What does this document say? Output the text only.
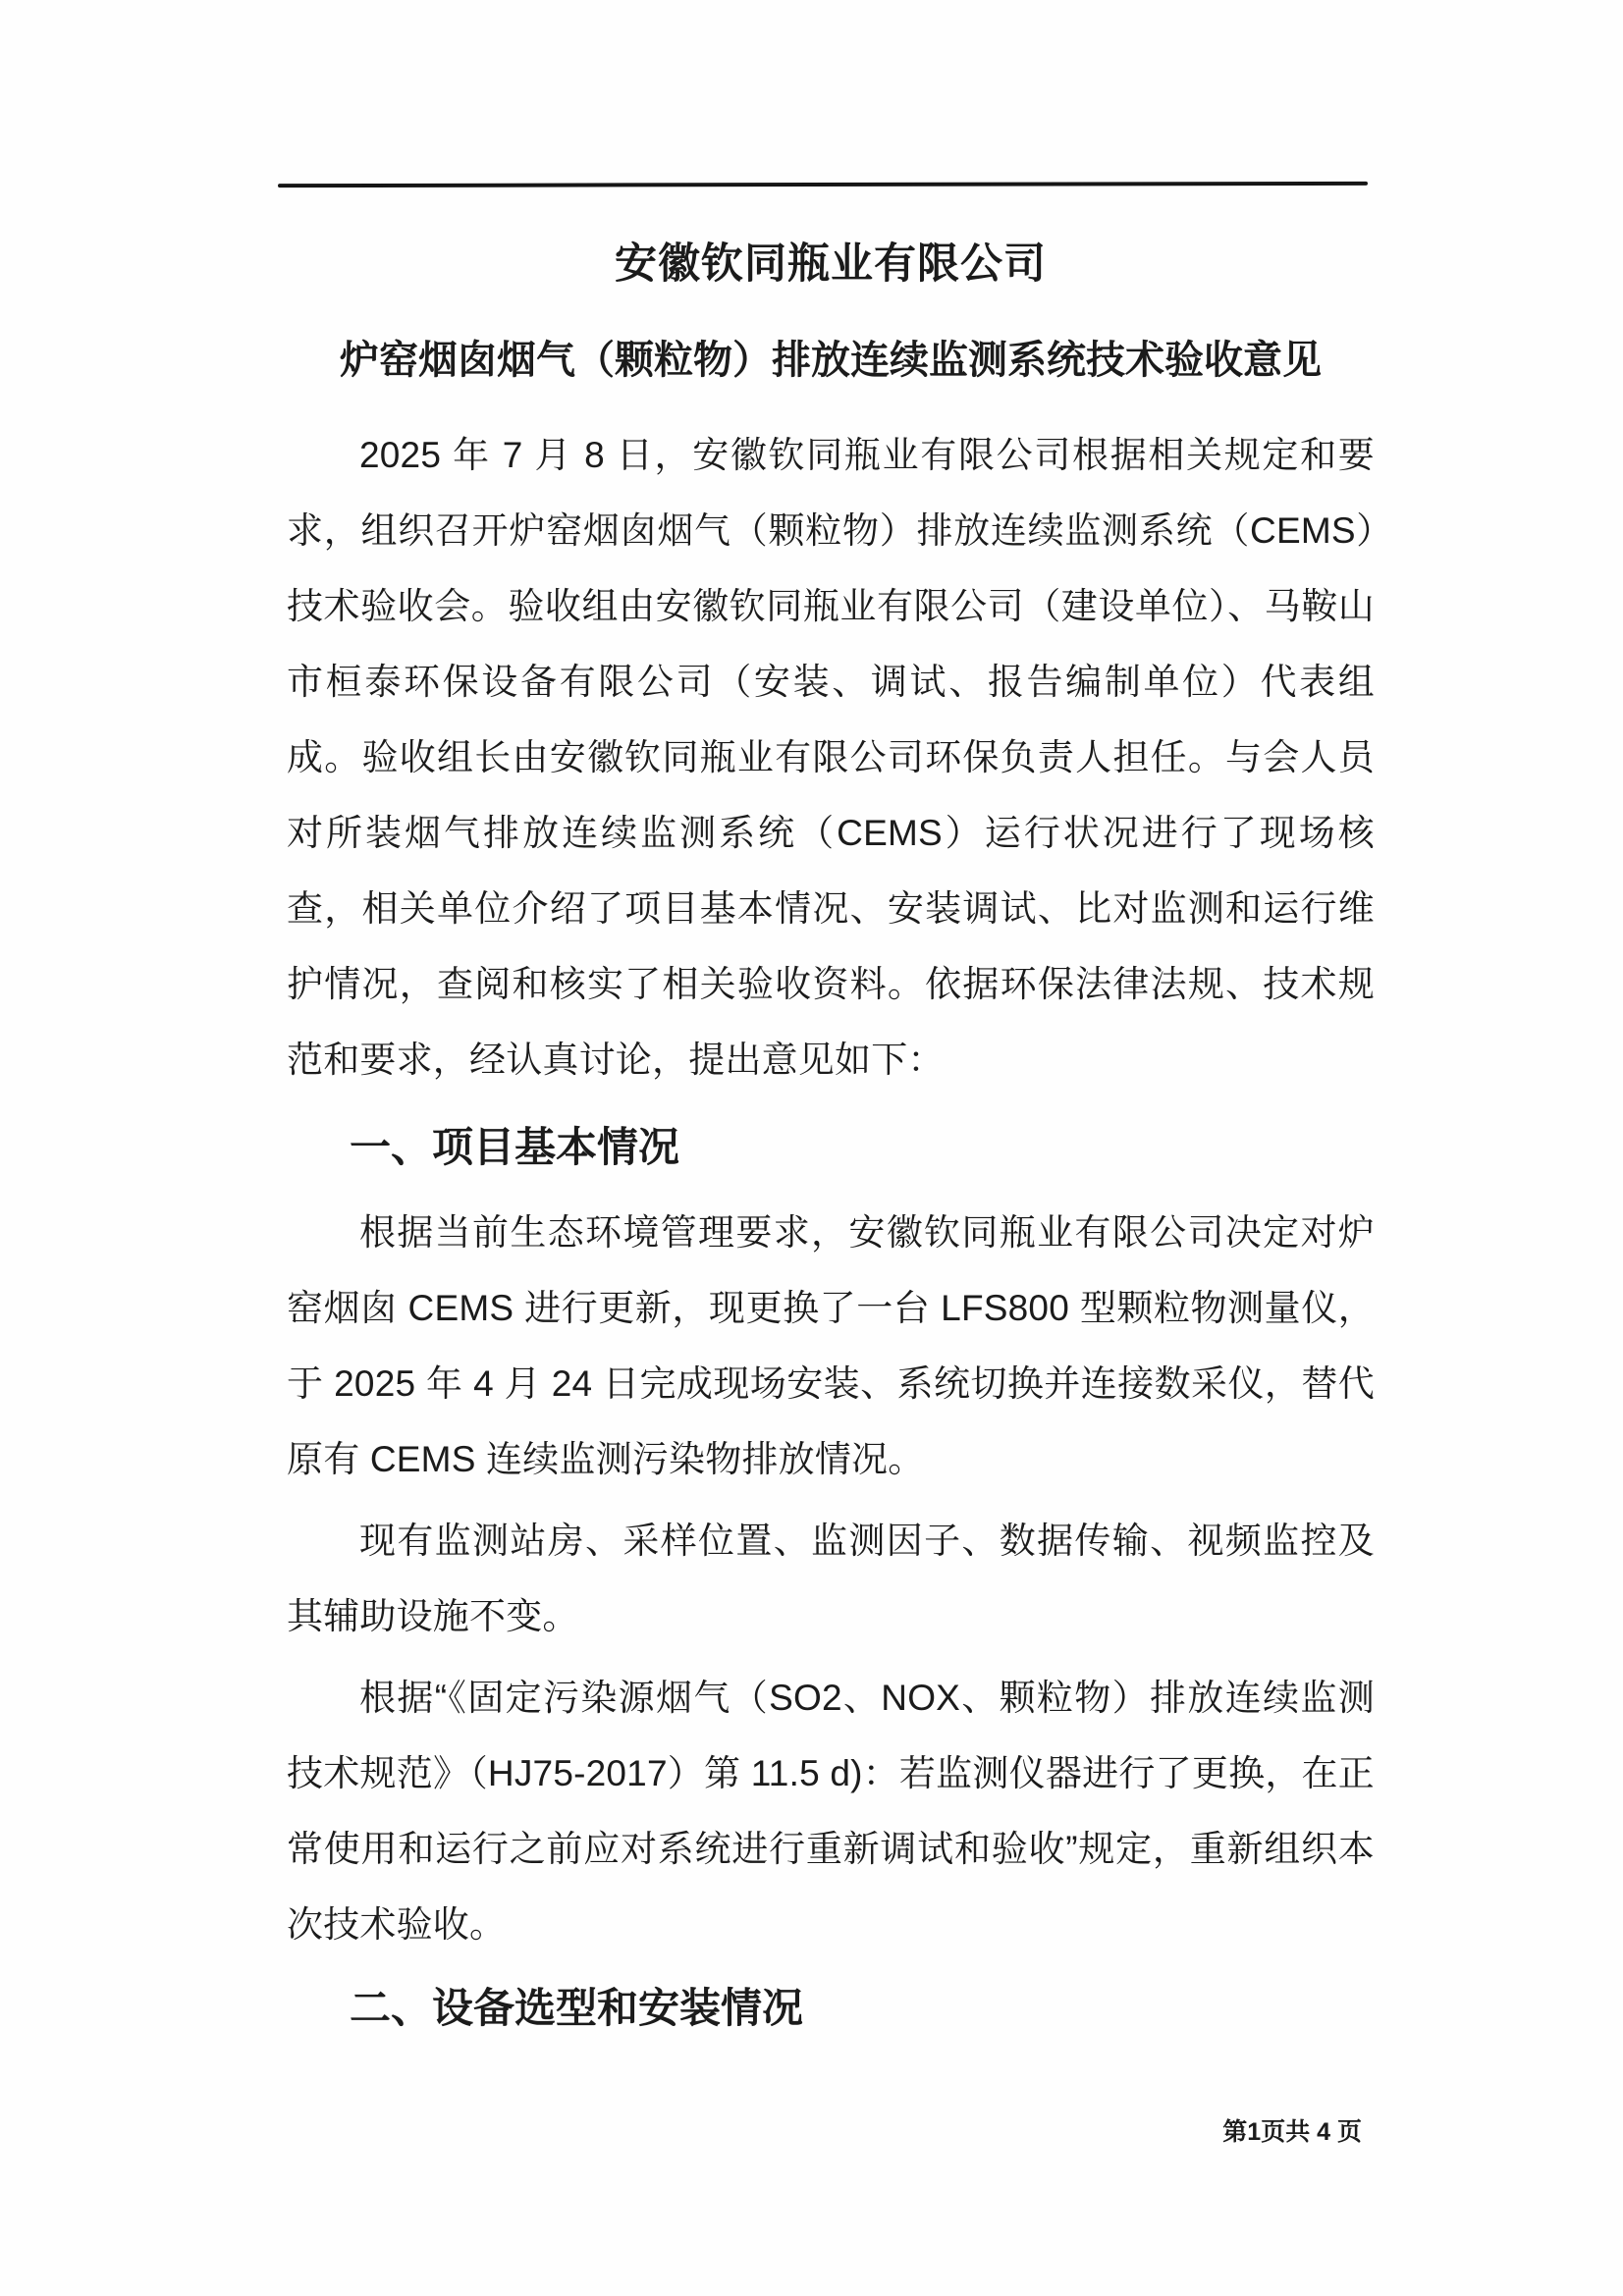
安徽钦同瓶业有限公司
炉窑烟囱烟气（颗粒物）排放连续监测系统技术验收意见

2025 年 7 月 8 日，安徽钦同瓶业有限公司根据相关规定和要求，组织召开炉窑烟囱烟气（颗粒物）排放连续监测系统（CEMS）技术验收会。验收组由安徽钦同瓶业有限公司（建设单位）、马鞍山市桓泰环保设备有限公司（安装、调试、报告编制单位）代表组成。验收组长由安徽钦同瓶业有限公司环保负责人担任。与会人员对所装烟气排放连续监测系统（CEMS）运行状况进行了现场核查，相关单位介绍了项目基本情况、安装调试、比对监测和运行维护情况，查阅和核实了相关验收资料。依据环保法律法规、技术规范和要求，经认真讨论，提出意见如下：

一、项目基本情况

根据当前生态环境管理要求，安徽钦同瓶业有限公司决定对炉窑烟囱 CEMS 进行更新，现更换了一台 LFS800 型颗粒物测量仪，于 2025 年 4 月 24 日完成现场安装、系统切换并连接数采仪，替代原有 CEMS 连续监测污染物排放情况。

现有监测站房、采样位置、监测因子、数据传输、视频监控及其辅助设施不变。

根据“《固定污染源烟气（SO2、NOX、颗粒物）排放连续监测技术规范》（HJ75-2017）第 11.5 d)：若监测仪器进行了更换，在正常使用和运行之前应对系统进行重新调试和验收”规定，重新组织本次技术验收。

二、设备选型和安装情况
第1页共 4 页
